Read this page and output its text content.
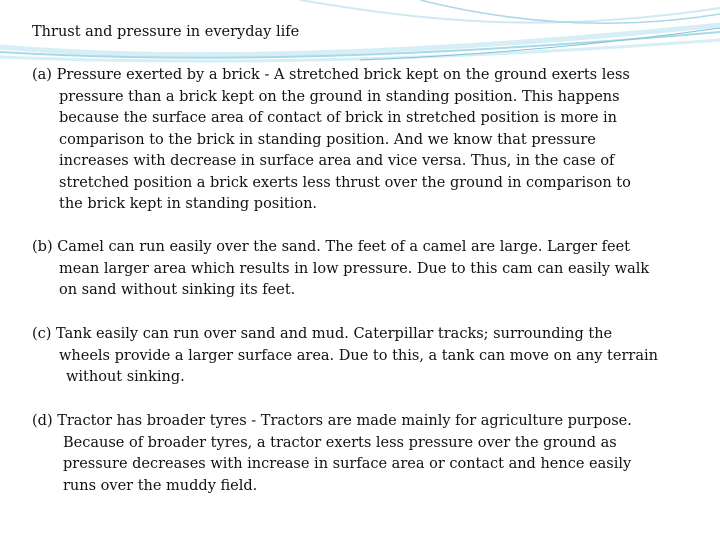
Thrust and pressure in everyday life
(a) Pressure exerted by a brick - A stretched brick kept on the ground exerts less
pressure than a brick kept on the ground in standing position. This happens
because the surface area of contact of brick in stretched position is more in
comparison to the brick in standing position. And we know that pressure
increases with decrease in surface area and vice versa. Thus, in the case of
stretched position a brick exerts less thrust over the ground in comparison to
the brick kept in standing position.
(b) Camel can run easily over the sand. The feet of a camel are large. Larger feet
mean larger area which results in low pressure. Due to this cam can easily walk
on sand without sinking its feet.
(c) Tank easily can run over sand and mud. Caterpillar tracks; surrounding the
wheels provide a larger surface area. Due to this, a tank can move on any terrain
without sinking.
(d) Tractor has broader tyres - Tractors are made mainly for agriculture purpose.
Because of broader tyres, a tractor exerts less pressure over the ground as
pressure decreases with increase in surface area or contact and hence easily
runs over the muddy field.
